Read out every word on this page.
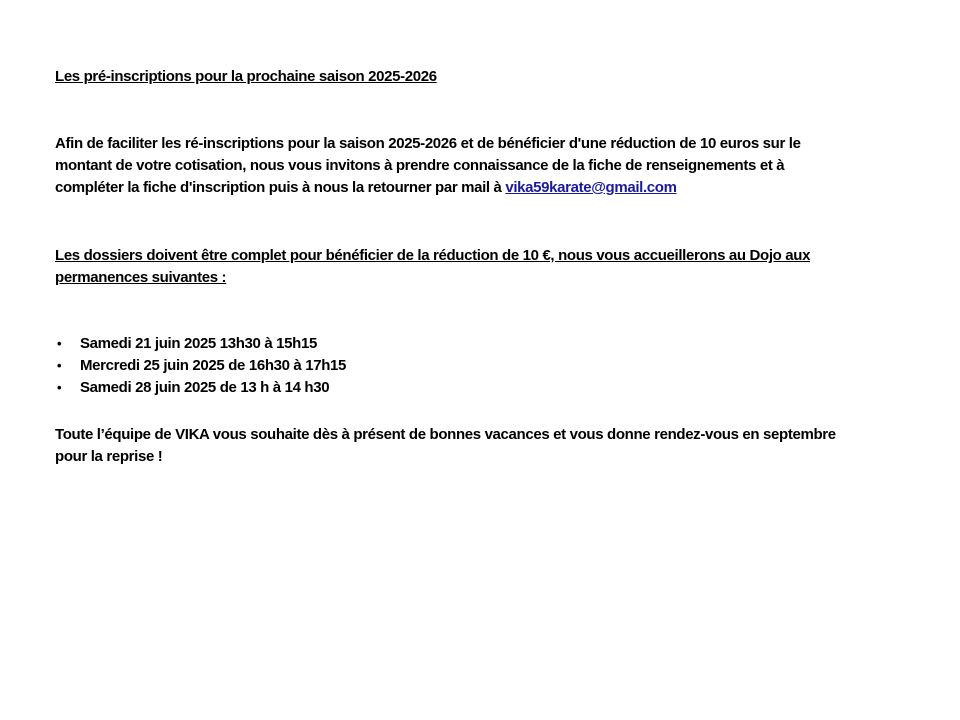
Les pré-inscriptions pour la prochaine saison 2025-2026

Afin de faciliter les ré-inscriptions pour la saison 2025-2026 et de bénéficier d'une réduction de 10 euros sur le
montant de votre cotisation, nous vous invitons à prendre connaissance de la fiche de renseignements et à
compléter la fiche d'inscription puis à nous la retourner par mail à vika59karate@gmail.com

Les dossiers doivent être complet pour bénéficier de la réduction de 10 €, nous vous accueillerons au Dojo aux
permanences suivantes :
•	Samedi 21 juin 2025 13h30 à 15h15
•	Mercredi 25 juin 2025 de 16h30 à 17h15
•	Samedi 28 juin 2025 de 13 h à 14 h30
Toute l’équipe de VIKA vous souhaite dès à présent de bonnes vacances et vous donne rendez-vous en septembre
pour la reprise !
